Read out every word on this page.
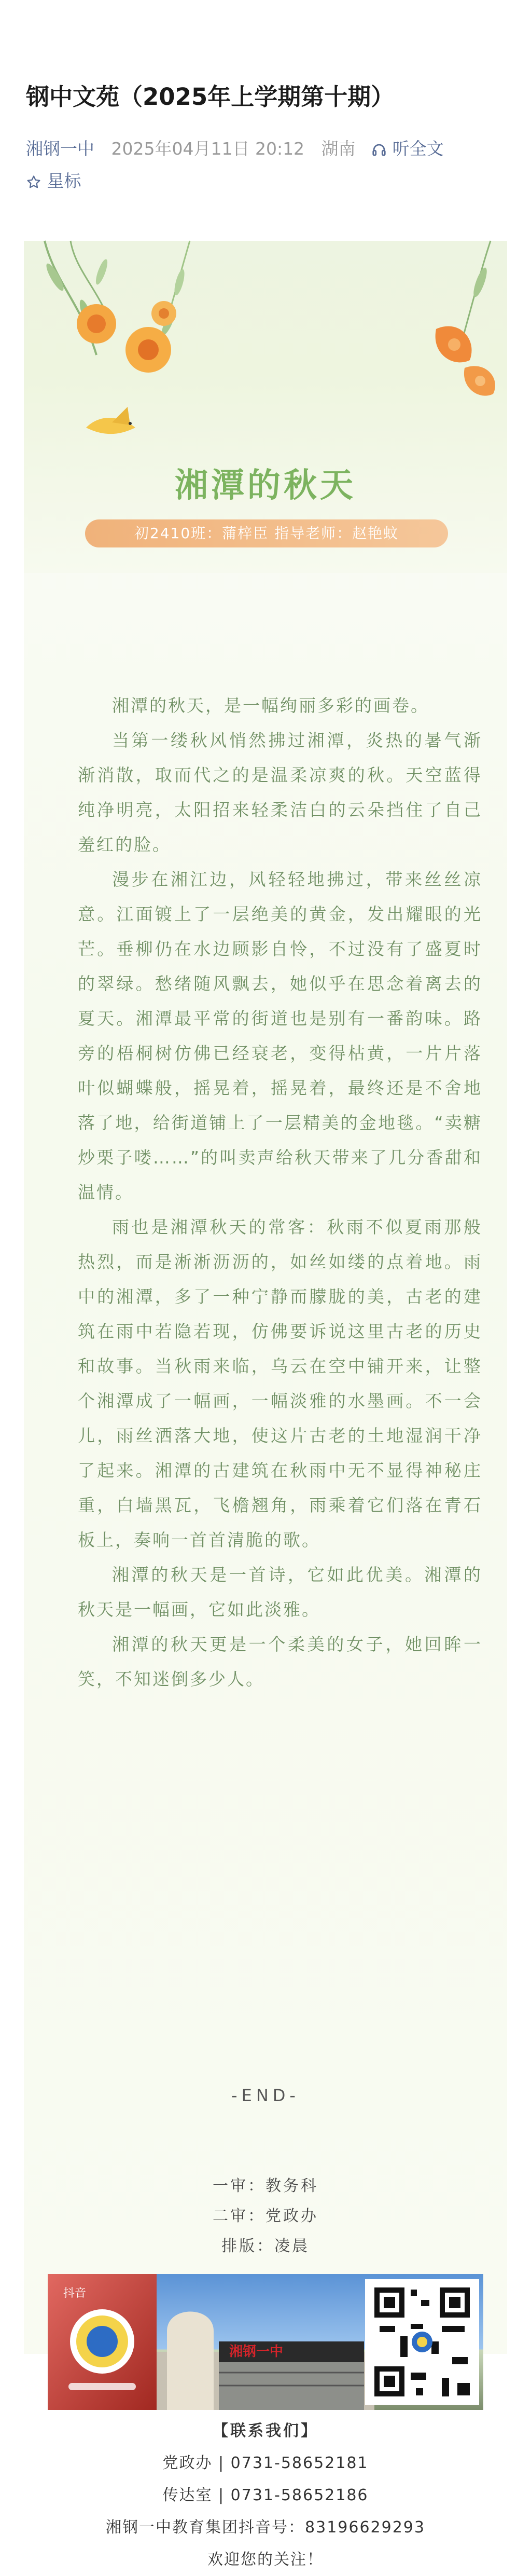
钢中文苑（2025年上学期第十期）
湘钢一中 2025年04月11日 20:12 湖南 听全文
星标
湘潭的秋天
初2410班：蒲梓臣 指导老师：赵艳蚊

湘潭的秋天，是一幅绚丽多彩的画卷。

当第一缕秋风悄然拂过湘潭，炎热的暑气渐渐消散，取而代之的是温柔凉爽的秋。天空蓝得纯净明亮，太阳招来轻柔洁白的云朵挡住了自己羞红的脸。

漫步在湘江边，风轻轻地拂过，带来丝丝凉意。江面镀上了一层绝美的黄金，发出耀眼的光芒。垂柳仍在水边顾影自怜，不过没有了盛夏时的翠绿。愁绪随风飘去，她似乎在思念着离去的夏天。湘潭最平常的街道也是别有一番韵味。路旁的梧桐树仿佛已经衰老，变得枯黄，一片片落叶似蝴蝶般，摇晃着，摇晃着，最终还是不舍地落了地，给街道铺上了一层精美的金地毯。“卖糖炒栗子喽……”的叫卖声给秋天带来了几分香甜和温情。

雨也是湘潭秋天的常客：秋雨不似夏雨那般热烈，而是淅淅沥沥的，如丝如缕的点着地。雨中的湘潭，多了一种宁静而朦胧的美，古老的建筑在雨中若隐若现，仿佛要诉说这里古老的历史和故事。当秋雨来临，乌云在空中铺开来，让整个湘潭成了一幅画，一幅淡雅的水墨画。不一会儿，雨丝洒落大地，使这片古老的土地湿润干净了起来。湘潭的古建筑在秋雨中无不显得神秘庄重，白墙黑瓦，飞檐翘角，雨乘着它们落在青石板上，奏响一首首清脆的歌。

湘潭的秋天是一首诗，它如此优美。湘潭的秋天是一幅画，它如此淡雅。

湘潭的秋天更是一个柔美的女子，她回眸一笑，不知迷倒多少人。

-END-
一审：教务科
二审：党政办
排版：凌晨
抖音
湘钢一中
【联系我们】
党政办 | 0731-58652181
传达室 | 0731-58652186
湘钢一中教育集团抖音号：83196629293
欢迎您的关注！
